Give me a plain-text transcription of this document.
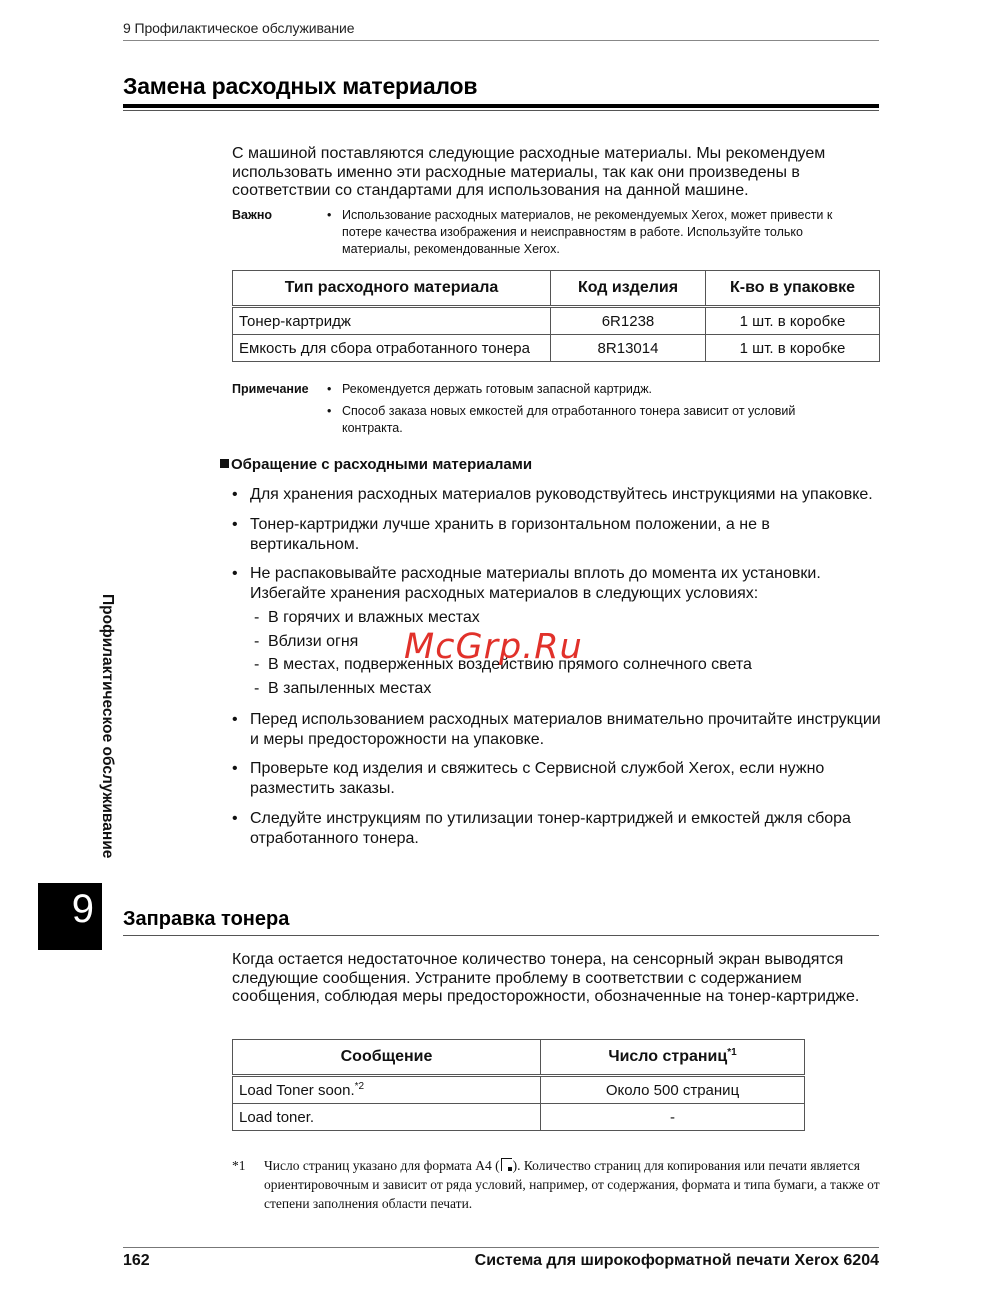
9 Профилактическое обслуживание
Замена расходных материалов
С машиной поставляются следующие расходные материалы. Мы рекомендуем использовать именно эти расходные материалы, так как они произведены в соответствии со стандартами для использования на данной машине.
Важно	• Использование расходных материалов, не рекомендуемых Xerox, может привести к потере качества изображения и неисправностям в работе. Используйте только материалы, рекомендованные Xerox.
Тип расходного материала	Код изделия	К-во в упаковке
Тонер-картридж	6R1238	1 шт. в коробке
Емкость для сбора отработанного тонера	8R13014	1 шт. в коробке
Примечание • Рекомендуется держать готовым запасной картридж.
• Способ заказа новых емкостей для отработанного тонера зависит от условий контракта.
Обращение с расходными материалами
• Для хранения расходных материалов руководствуйтесь инструкциями на упаковке.
• Тонер-картриджи лучше хранить в горизонтальном положении, а не в вертикальном.
• Не распаковывайте расходные материалы вплоть до момента их установки. Избегайте хранения расходных материалов в следующих условиях:
- В горячих и влажных местах
- Вблизи огня
- В местах, подверженных воздействию прямого солнечного света
- В запыленных местах
• Перед использованием расходных материалов внимательно прочитайте инструкции и меры предосторожности на упаковке.
• Проверьте код изделия и свяжитесь с Сервисной службой Xerox, если нужно разместить заказы.
• Следуйте инструкциям по утилизации тонер-картриджей и емкостей джля сбора отработанного тонера.
Профилактическое обслуживание
9 Заправка тонера
Когда остается недостаточное количество тонера, на сенсорный экран выводятся следующие сообщения. Устраните проблему в соответствии с содержанием сообщения, соблюдая меры предосторожности, обозначенные на тонер-картридже.
Сообщение	Число страниц$^{*1}$
Load Toner soon.$^{*2}$	Около 500 страниц
Load toner.	-
*1 Число страниц указано для формата A4 ( ). Количество страниц для копирования или печати является ориентировочным и зависит от ряда условий, например, от содержания, формата и типа бумаги, а также от степени заполнения области печати.
162	Система для широкоформатной печати Xerox 6204
McGrp.Ru
